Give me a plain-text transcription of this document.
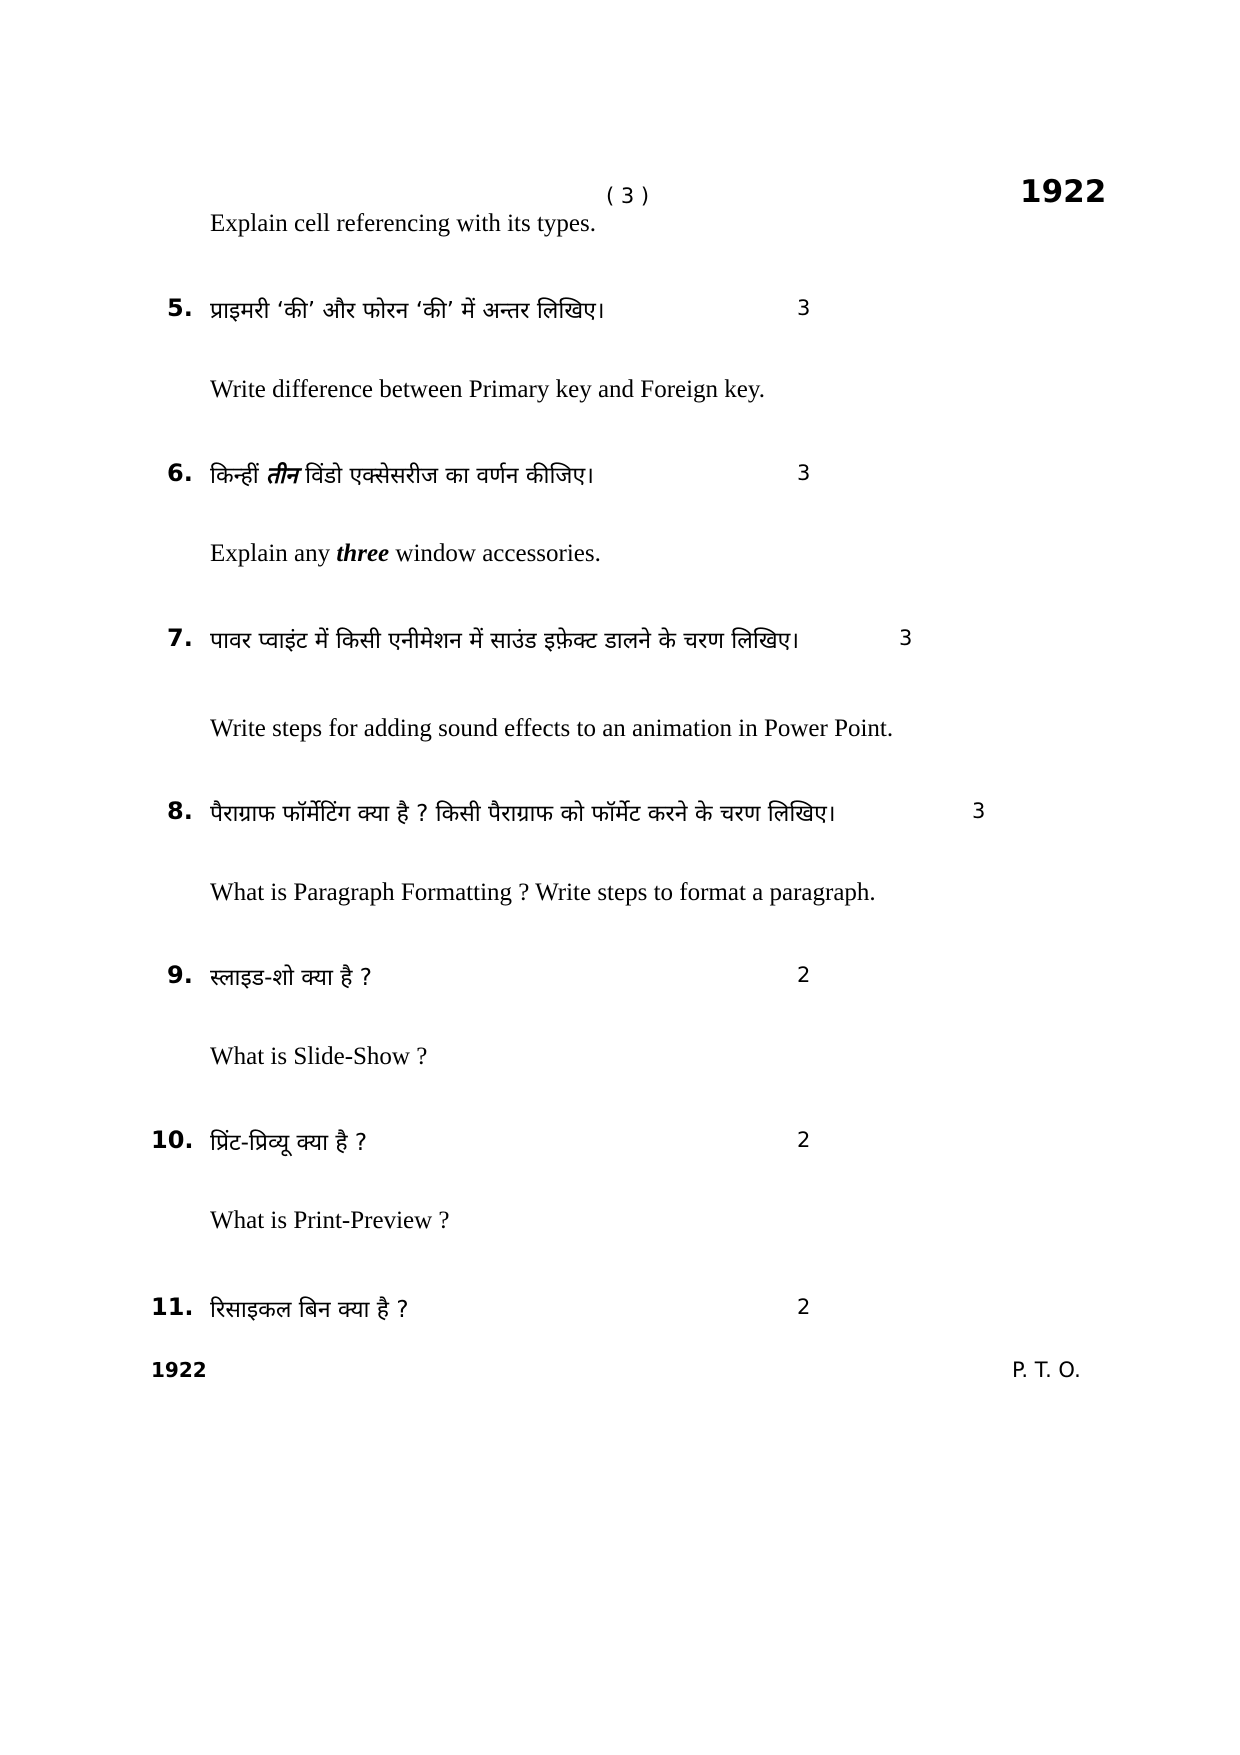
( 3 )	1922
Explain cell referencing with its types.
5. प्राइमरी ‘की’ और फोरन ‘की’ में अन्तर लिखिए।	3
Write difference between Primary key and Foreign key.
6. किन्हीं तीन विंडो एक्सेसरीज का वर्णन कीजिए।	3
Explain any three window accessories.
7. पावर प्वाइंट में किसी एनीमेशन में साउंड इफ़ेक्ट डालने के चरण लिखिए।	3
Write steps for adding sound effects to an animation in Power Point.
8. पैराग्राफ फॉर्मेटिंग क्या है ? किसी पैराग्राफ को फॉर्मेट करने के चरण लिखिए।	3
What is Paragraph Formatting ? Write steps to format a paragraph.
9. स्लाइड-शो क्या है ?	2
What is Slide-Show ?
10. प्रिंट-प्रिव्यू क्या है ?	2
What is Print-Preview ?
11. रिसाइकल बिन क्या है ?	2
1922	P. T. O.
